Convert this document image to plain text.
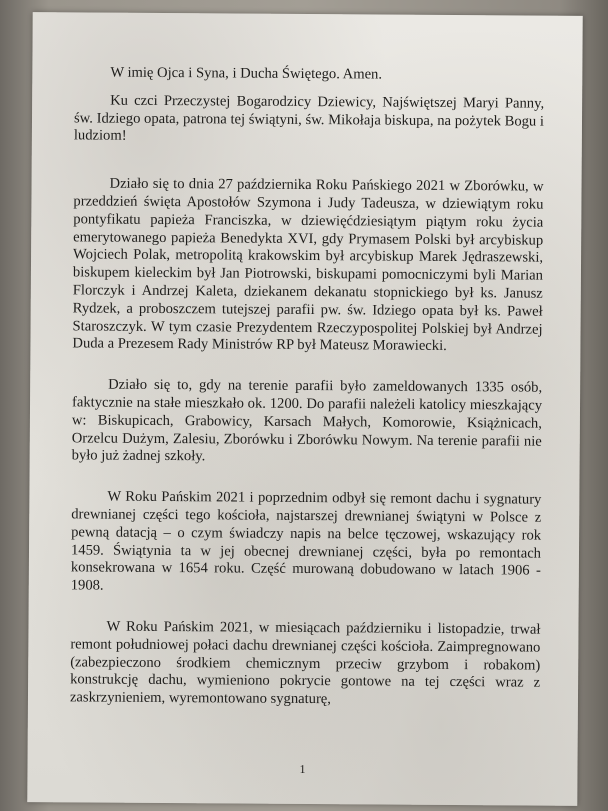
W imię Ojca i Syna, i Ducha Świętego. Amen.

Ku czci Przeczystej Bogarodzicy Dziewicy, Najświętszej Maryi Panny, św. Idziego opata, patrona tej świątyni, św. Mikołaja biskupa, na pożytek Bogu i ludziom!

Działo się to dnia 27 października Roku Pańskiego 2021 w Zborówku, w przeddzień święta Apostołów Szymona i Judy Tadeusza, w dziewiątym roku pontyfikatu papieża Franciszka, w dziewięćdziesiątym piątym roku życia emerytowanego papieża Benedykta XVI, gdy Prymasem Polski był arcybiskup Wojciech Polak, metropolitą krakowskim był arcybiskup Marek Jędraszewski, biskupem kieleckim był Jan Piotrowski, biskupami pomocniczymi byli Marian Florczyk i Andrzej Kaleta, dziekanem dekanatu stopnickiego był ks. Janusz Rydzek, a proboszczem tutejszej parafii pw. św. Idziego opata był ks. Paweł Staroszczyk. W tym czasie Prezydentem Rzeczypospolitej Polskiej był Andrzej Duda a Prezesem Rady Ministrów RP był Mateusz Morawiecki.

Działo się to, gdy na terenie parafii było zameldowanych 1335 osób, faktycznie na stałe mieszkało ok. 1200. Do parafii należeli katolicy mieszkający w: Biskupicach, Grabowicy, Karsach Małych, Komorowie, Książnicach, Orzelcu Dużym, Zalesiu, Zborówku i Zborówku Nowym. Na terenie parafii nie było już żadnej szkoły.

W Roku Pańskim 2021 i poprzednim odbył się remont dachu i sygnatury drewnianej części tego kościoła, najstarszej drewnianej świątyni w Polsce z pewną datacją – o czym świadczy napis na belce tęczowej, wskazujący rok 1459. Świątynia ta w jej obecnej drewnianej części, była po remontach konsekrowana w 1654 roku. Część murowaną dobudowano w latach 1906 - 1908.

W Roku Pańskim 2021, w miesiącach październiku i listopadzie, trwał remont południowej połaci dachu drewnianej części kościoła. Zaimpregnowano (zabezpieczono środkiem chemicznym przeciw grzybom i robakom) konstrukcję dachu, wymieniono pokrycie gontowe na tej części wraz z zaskrzynieniem, wyremontowano sygnaturę,

1
